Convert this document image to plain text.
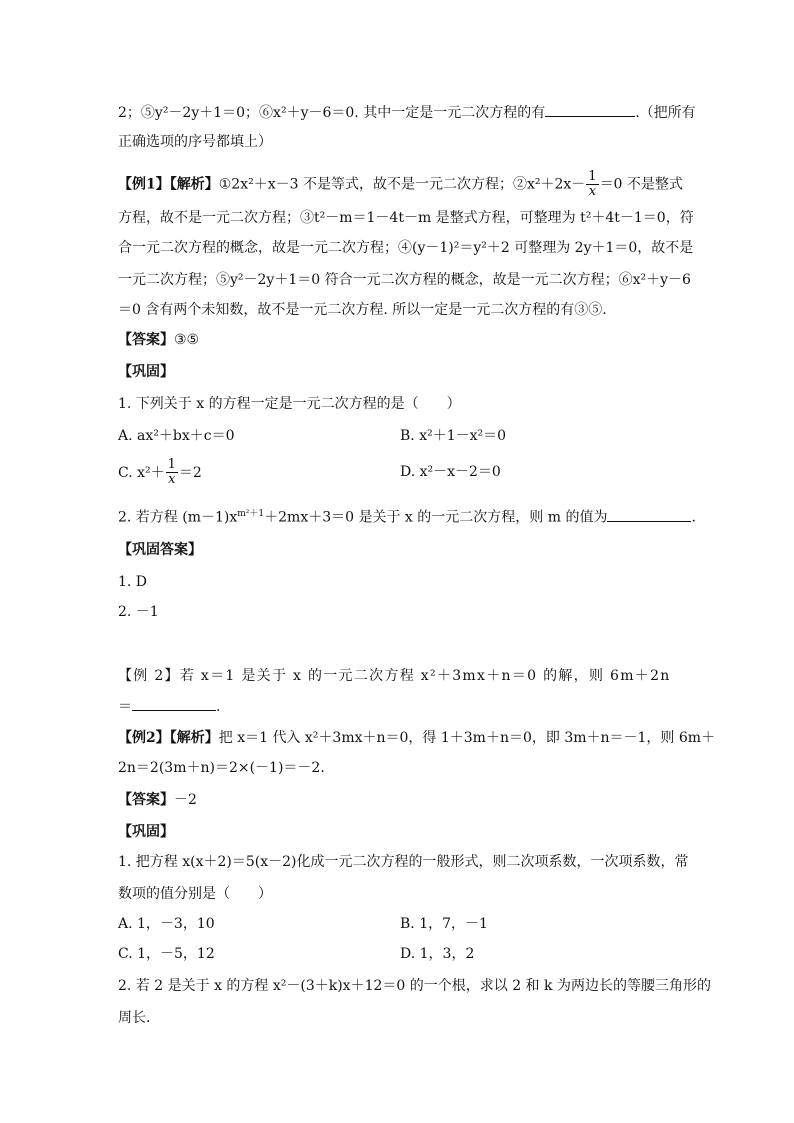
2；⑤y²－2y＋1＝0；⑥x²＋y－6＝0. 其中一定是一元二次方程的有	.（把所有
正确选项的序号都填上）
【例1】【解析】①2x²＋x－3 不是等式，故不是一元二次方程；②x²＋2x－ $\frac{1}{x} =0$ 不是整式
方程，故不是一元二次方程；③t²－m＝1－4t－m 是整式方程，可整理为 t²＋4t－1＝0，符
合一元二次方程的概念，故是一元二次方程；④(y－1)²＝y²＋2 可整理为 2y＋1＝0，故不是
一元二次方程；⑤y²－2y＋1＝0 符合一元二次方程的概念，故是一元二次方程；⑥x²＋y－6
＝0 含有两个未知数，故不是一元二次方程. 所以一定是一元二次方程的有③⑤.
【答案】③⑤
【巩固】
1. 下列关于 x 的方程一定是一元二次方程的是（　　）
A. ax²＋bx＋c＝0	B. x²＋1－x²＝0
C. $x^2+ \frac{1}{x} =2$	D. x²－x－2＝0
2. 若方程 $(m-1)x^{m^2+1}+2mx+3=0$ 是关于 x 的一元二次方程，则 m 的值为	.
【巩固答案】
1. D
2. －1
【例 2】若 x＝1 是关于 x 的一元二次方程 x²＋3mx＋n＝0 的解，则 6m＋2n
＝	.
【例2】【解析】把 x＝1 代入 x²＋3mx＋n＝0，得 1＋3m＋n＝0，即 3m＋n＝－1，则 6m＋
2n＝2(3m＋n)＝2×(－1)＝－2.
【答案】－2
【巩固】
1. 把方程 x(x＋2)＝5(x－2)化成一元二次方程的一般形式，则二次项系数，一次项系数，常
数项的值分别是（　　）
A. 1，－3，10	B. 1，7，－1
C. 1，－5，12	D. 1，3，2
2. 若 2 是关于 x 的方程 x²－(3＋k)x＋12＝0 的一个根，求以 2 和 k 为两边长的等腰三角形的
周长.
